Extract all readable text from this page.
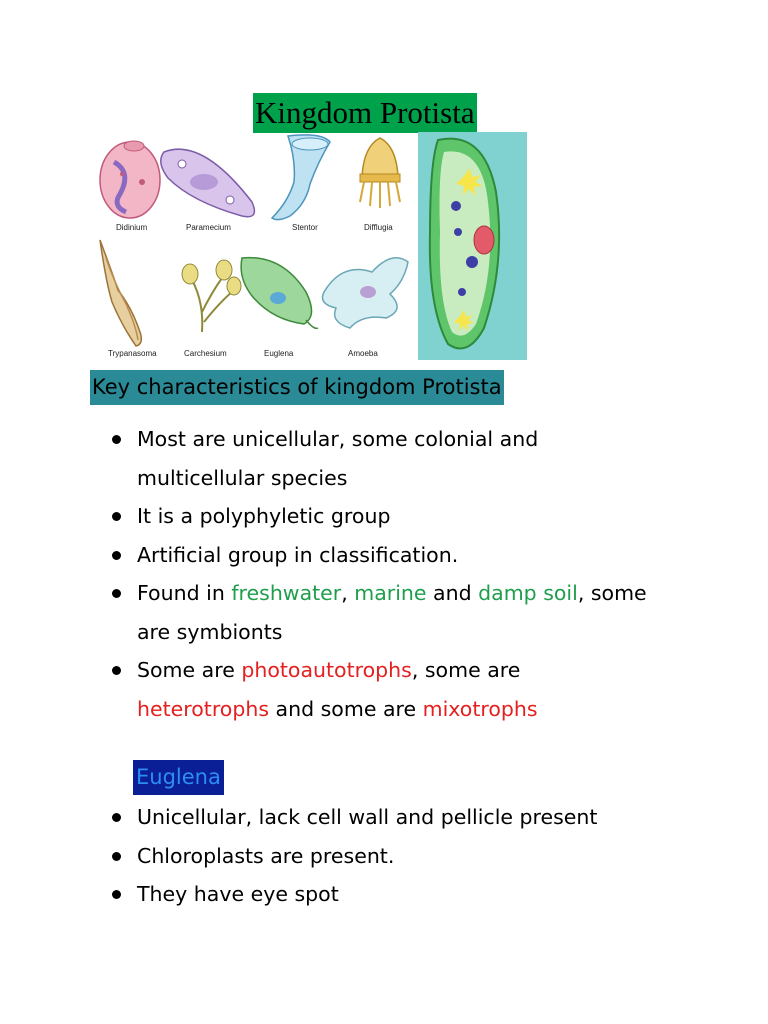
Kingdom Protista
Didinium	Paramecium	Stentor	Difflugia
Trypanasoma	Carchesium	Euglena	Amoeba
Key characteristics of kingdom Protista
Most are unicellular, some colonial and multicellular species
It is a polyphyletic group
Artificial group in classification.
Found in freshwater, marine and damp soil, some are symbionts
Some are photoautotrophs, some are heterotrophs and some are mixotrophs
Euglena
Unicellular, lack cell wall and pellicle present
Chloroplasts are present.
They have eye spot
